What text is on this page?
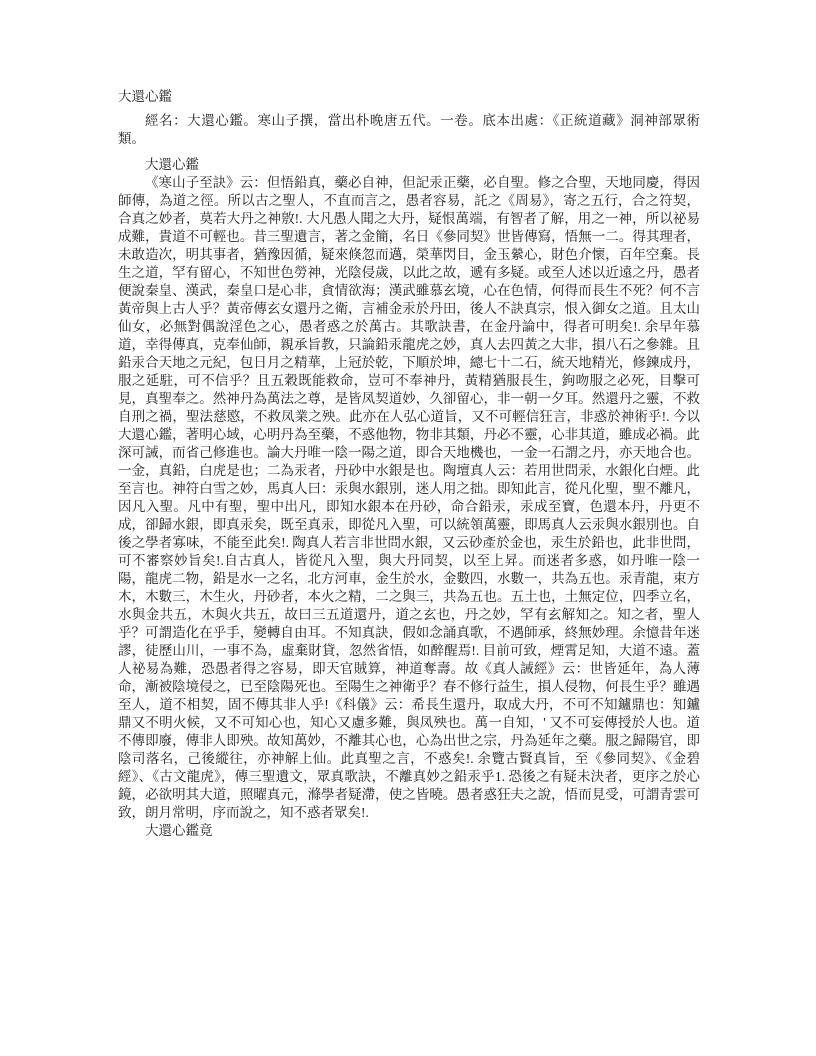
大還心鑑

經名：大還心鑑。寒山子撰，當出朴晚唐五代。一卷。底本出處：《正統道藏》洞神部眾術類。

大還心鑑

《寒山子至訣》云：但悟鉛真，藥必自神，但記汞正藥，必自聖。修之合聖，天地同慶，得因師傳，為道之徑。所以古之聖人，不直而言之，愚者容易，託之《周易》，寄之五行，合之符契，合真之妙者，莫若大丹之神敫!. 大凡愚人聞之大丹，疑恨萬端，有智者了解，用之一神，所以祕易成難，貴道不可輕也。昔三聖遺言，著之金簡，名日《參同契》世皆傳寫，悟無一二。得其理者，未敢造次，明其事者，猶豫因循，疑來倏忽而邁，榮華閃目，金玉縈心，財色介懷，百年空棄。長生之道，罕有留心，不知世色勞神，光陰侵歲，以此之故，遞有多疑。或至人述以近遠之丹，愚者便說秦皇、漢武，秦皇口是心非，貪情欲海；漢武雖慕玄境，心在色情，何得而長生不死？何不言黃帝與上古人乎？黃帝傳玄女還丹之衛，言補金汞於丹田，後人不訣真宗，恨入御女之道。且太山仙女，必無對偶說淫色之心，愚者惑之於萬古。其歌訣書，在金丹論中，得者可明矣!. 余早年慕道，幸得傳真，克奉仙師，親承旨教，只論鉛汞龍虎之妙，真人去四黃之大非，損八石之參雜。且鉛汞合天地之元紀，包日月之精華，上冠於乾，下順於坤，總七十二石，統天地精光，修鍊成丹，服之延駐，可不信乎？且五穀既能救命，豈可不奉神丹，黃精猶服長生，鉤吻服之必死，目擊可見，真聖奉之。然神丹為萬法之尊，是皆凤契道妙，久卻留心，非一朝一夕耳。然還丹之靈，不救自刑之禍，聖法慈愍，不救凤業之殃。此亦在人弘心道旨，又不可輕信狂言，非惑於神術乎!. 今以大還心鑑，著明心域，心明丹為至藥，不惑他物，物非其類，丹必不靈，心非其道，雖成必禍。此深可誡，而省己修進也。論大丹唯一陰一陽之道，即合天地機也，一金一石謂之丹，亦天地合也。一金，真鉛，白虎是也；二為汞者，丹砂中水銀是也。陶壇真人云：若用世問汞，水銀化白煙。此至言也。神符白雪之妙，馬真人曰：汞與水銀別，迷人用之拙。即知此言，從凡化聖，聖不離凡，因凡入聖。凡中有聖，聖中出凡，即知水銀本在丹砂，命合鉛汞，汞成至寶，色還本丹，丹更不成，卻歸水銀，即真汞矣，既至真汞，即從凡入聖，可以統領萬靈，即馬真人云汞與水銀別也。自後之學者寡味，不能至此矣!. 陶真人若言非世問水銀，又云砂產於金也，汞生於鉛也，此非世問，可不審察妙旨矣!.自古真人，皆從凡入聖，與大丹同契，以至上昇。而迷者多惑，如丹唯一陰一陽，龍虎二物，鉛是水一之名，北方河車，金生於水，金數四，水數一，共為五也。汞青龍，束方木，木數三，木生火，丹砂者，本火之精，二之與三，共為五也。五土也，土無定位，四季立名，水與金共五，木與火共五，故曰三五道還丹，道之玄也，丹之妙，罕有玄解知之。知之者，聖人乎？可謂造化在乎手，變轉自由耳。不知真訣，假如念誦真歌，不遇師承，終無妙理。余憶昔年迷謬，徒歷山川，一事不為，虛棄財貸，忽然省悟，如醉醒焉!. 目前可致，煙霄足知，大道不遠。蓋人祕易為難，恐愚者得之容易，即天官賊算，神道奪壽。故《真人誡經》云：世皆延年，為人薄命，漸被陰境侵之，已至陰陽死也。至陽生之神衛乎？春不修行益生，損人侵物，何長生乎？雖遇至人，道不相契，固不傳其非人乎!《科儀》云：希長生還丹，取成大丹，不可不知鑪鼎也：知鑪鼎又不明火候，又不可知心也，知心又慮多難，與凤殃也。萬一自知，' 又不可妄傳授於人也。道不傳即廢，傳非人即殃。故知萬妙，不離其心也，心為出世之宗，丹為延年之藥。服之歸陽官，即陰司落名，己後縱往，亦神解上仙。此真聖之言，不惑矣!. 余覽古賢真旨，至《參同契》、《金碧經》、《古文龍虎》，傳三聖遺文，眾真歌訣，不離真妙之鉛汞乎1. 恐後之有疑未決者，更序之於心鏡，必欲明其大道，照曜真元，滌學者疑滯，使之皆曉。愚者惑狂夫之說，悟而見受，可謂青雲可致，朗月常明，序而說之，知不惑者眾矣!.

大還心鑑竟
